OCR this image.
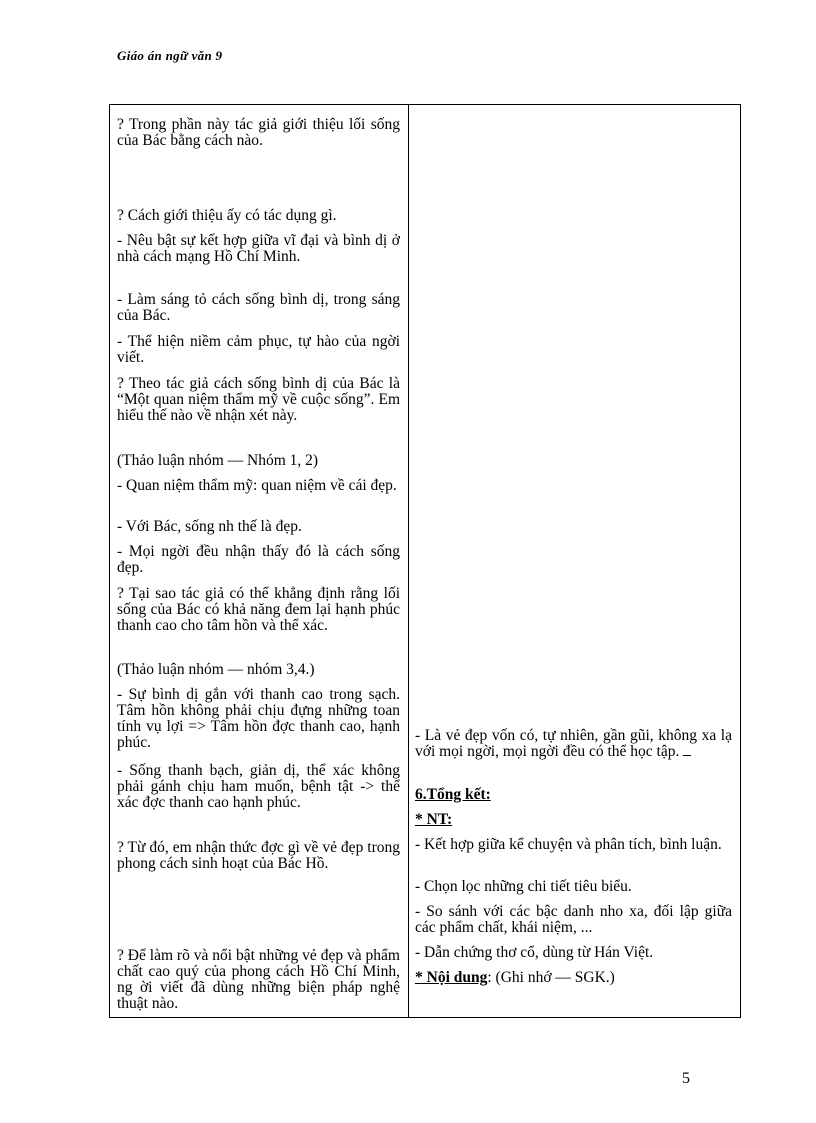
Giáo án ngữ văn 9
? Trong phần này tác giả giới thiệu lối sống của Bác bằng cách nào.
? Cách giới thiệu ấy có tác dụng gì.
- Nêu bật sự kết hợp giữa vĩ đại và bình dị ở nhà cách mạng Hồ Chí Minh.
- Làm sáng tỏ cách sống bình dị, trong sáng của Bác.
- Thể hiện niềm cảm phục, tự hào của ngời viết.
? Theo tác giả cách sống bình dị của Bác là “Một quan niệm thẩm mỹ về cuộc sống”. Em hiểu thế nào về nhận xét này.
(Thảo luận nhóm — Nhóm 1, 2)
- Quan niệm thẩm mỹ: quan niệm về cái đẹp.
- Với Bác, sống nh thế là đẹp.
- Mọi ngời đều nhận thấy đó là cách sống đẹp.
? Tại sao tác giả có thể khẳng định rằng lối sống của Bác có khả năng đem lại hạnh phúc thanh cao cho tâm hồn và thể xác.
(Thảo luận nhóm — nhóm 3,4.)
- Sự bình dị gắn với thanh cao trong sạch. Tâm hồn không phải chịu đựng những toan tính vụ lợi => Tâm hồn đợc thanh cao, hạnh phúc.
- Sống thanh bạch, giản dị, thể xác không phải gánh chịu ham muốn, bệnh tật -> thể xác đợc thanh cao hạnh phúc.
? Từ đó, em nhận thức đợc gì về vẻ đẹp trong phong cách sinh hoạt của Bác Hồ.
? Để làm rõ và nổi bật những vẻ đẹp và phẩm chất cao quý của phong cách Hồ Chí Minh, ng ời viết đã dùng những biện pháp nghệ thuật nào.
- Là vẻ đẹp vốn có, tự nhiên, gần gũi, không xa lạ với mọi ngời, mọi ngời đều có thể học tập.
6.Tổng kết:
* NT:
- Kết hợp giữa kể chuyện và phân tích, bình luận.
- Chọn lọc những chi tiết tiêu biểu.
- So sánh với các bậc danh nho xa, đối lập giữa các phẩm chất, khái niệm, ...
- Dẫn chứng thơ cổ, dùng từ Hán Việt.
* Nội dung: (Ghi nhớ — SGK.)
5
